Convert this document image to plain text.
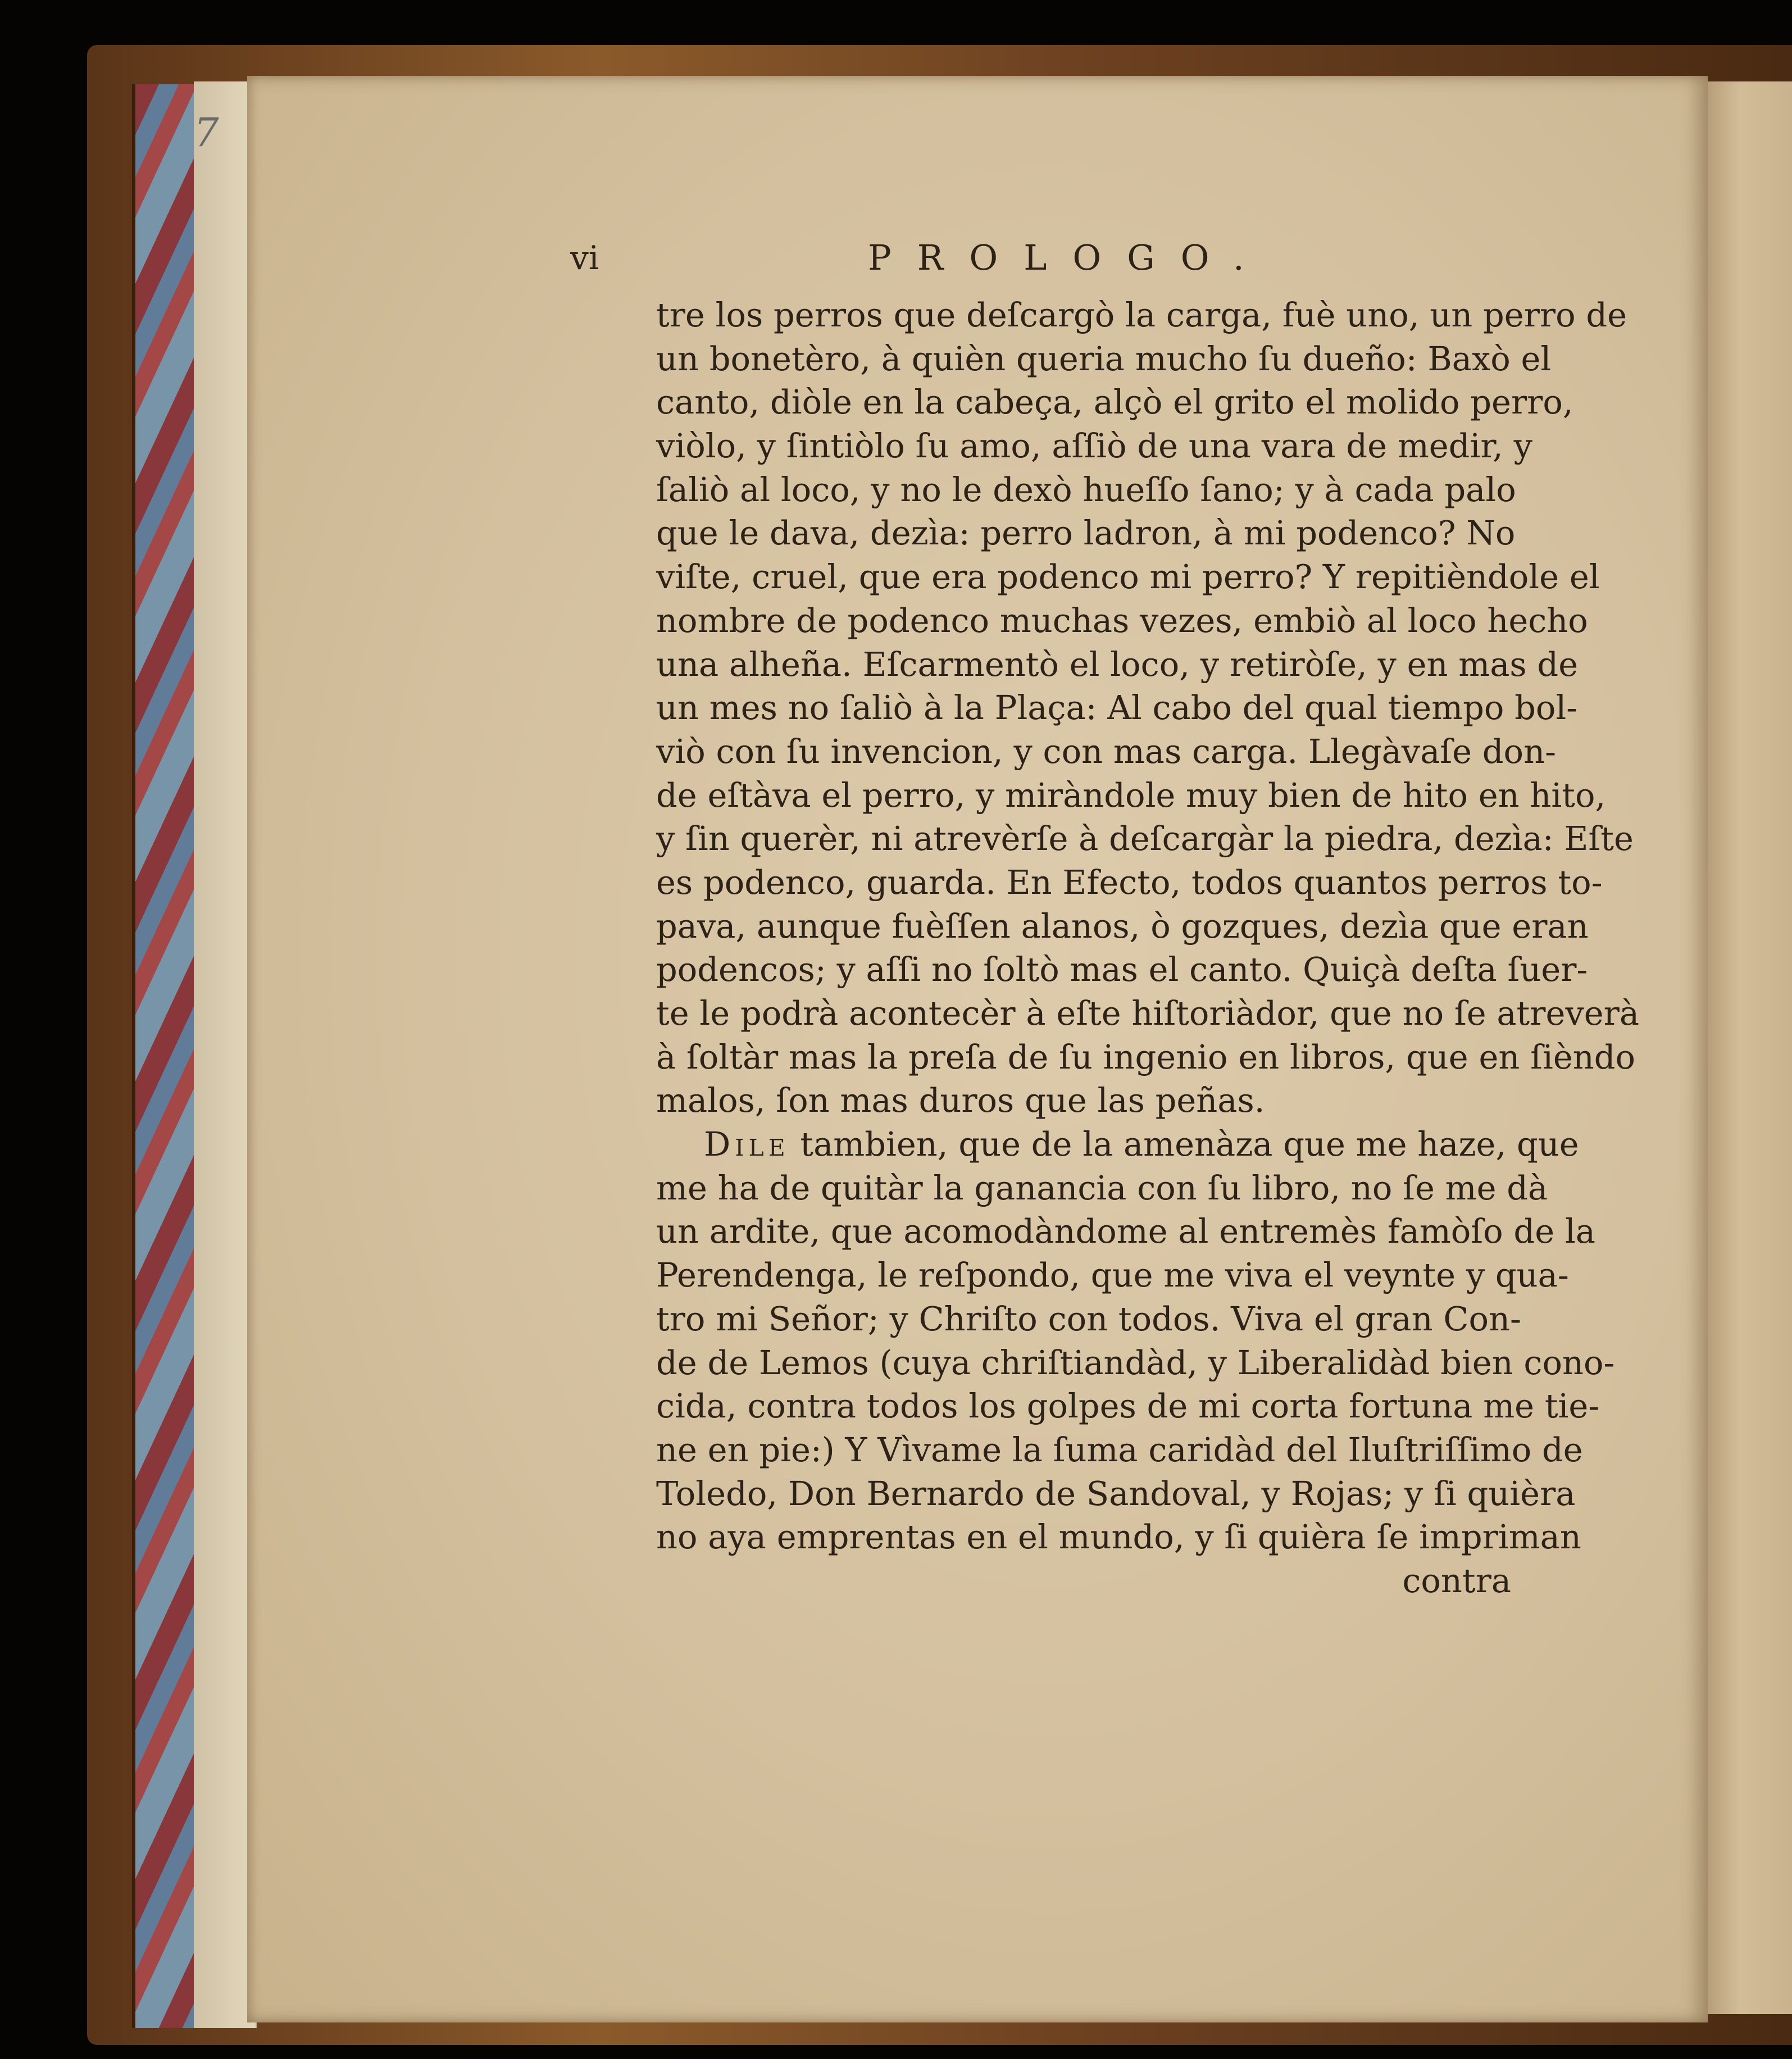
7
vi	PROLOGO.
tre los perros que deſcargò la carga, fuè uno, un perro de
un bonetèro, à quièn queria mucho ſu dueño: Baxò el
canto, diòle en la cabeça, alçò el grito el molido perro,
viòlo, y ſintiòlo ſu amo, aſſiò de una vara de medir, y
ſaliò al loco, y no le dexò hueſſo ſano; y à cada palo
que le dava, dezìa: perro ladron, à mi podenco? No
viſte, cruel, que era podenco mi perro? Y repitièndole el
nombre de podenco muchas vezes, embiò al loco hecho
una alheña. Eſcarmentò el loco, y retiròſe, y en mas de
un mes no ſaliò à la Plaça: Al cabo del qual tiempo bol-
viò con ſu invencion, y con mas carga. Llegàvaſe don-
de eſtàva el perro, y miràndole muy bien de hito en hito,
y ſin querèr, ni atrevèrſe à deſcargàr la piedra, dezìa: Eſte
es podenco, guarda. En Efecto, todos quantos perros to-
pava, aunque fuèſſen alanos, ò gozques, dezìa que eran
podencos; y aſſi no ſoltò mas el canto. Quiçà deſta ſuer-
te le podrà acontecèr à eſte hiſtoriàdor, que no ſe atreverà
à ſoltàr mas la preſa de ſu ingenio en libros, que en ſièndo
malos, ſon mas duros que las peñas.
Dile tambien, que de la amenàza que me haze, que
me ha de quitàr la ganancia con ſu libro, no ſe me dà
un ardite, que acomodàndome al entremès famòſo de la
Perendenga, le reſpondo, que me viva el veynte y qua-
tro mi Señor; y Chriſto con todos. Viva el gran Con-
de de Lemos (cuya chriſtiandàd, y Liberalidàd bien cono-
cida, contra todos los golpes de mi corta fortuna me tie-
ne en pie:) Y Vìvame la ſuma caridàd del Iluſtriſſimo de
Toledo, Don Bernardo de Sandoval, y Rojas; y ſi quièra
no aya emprentas en el mundo, y ſi quièra ſe impriman
contra
